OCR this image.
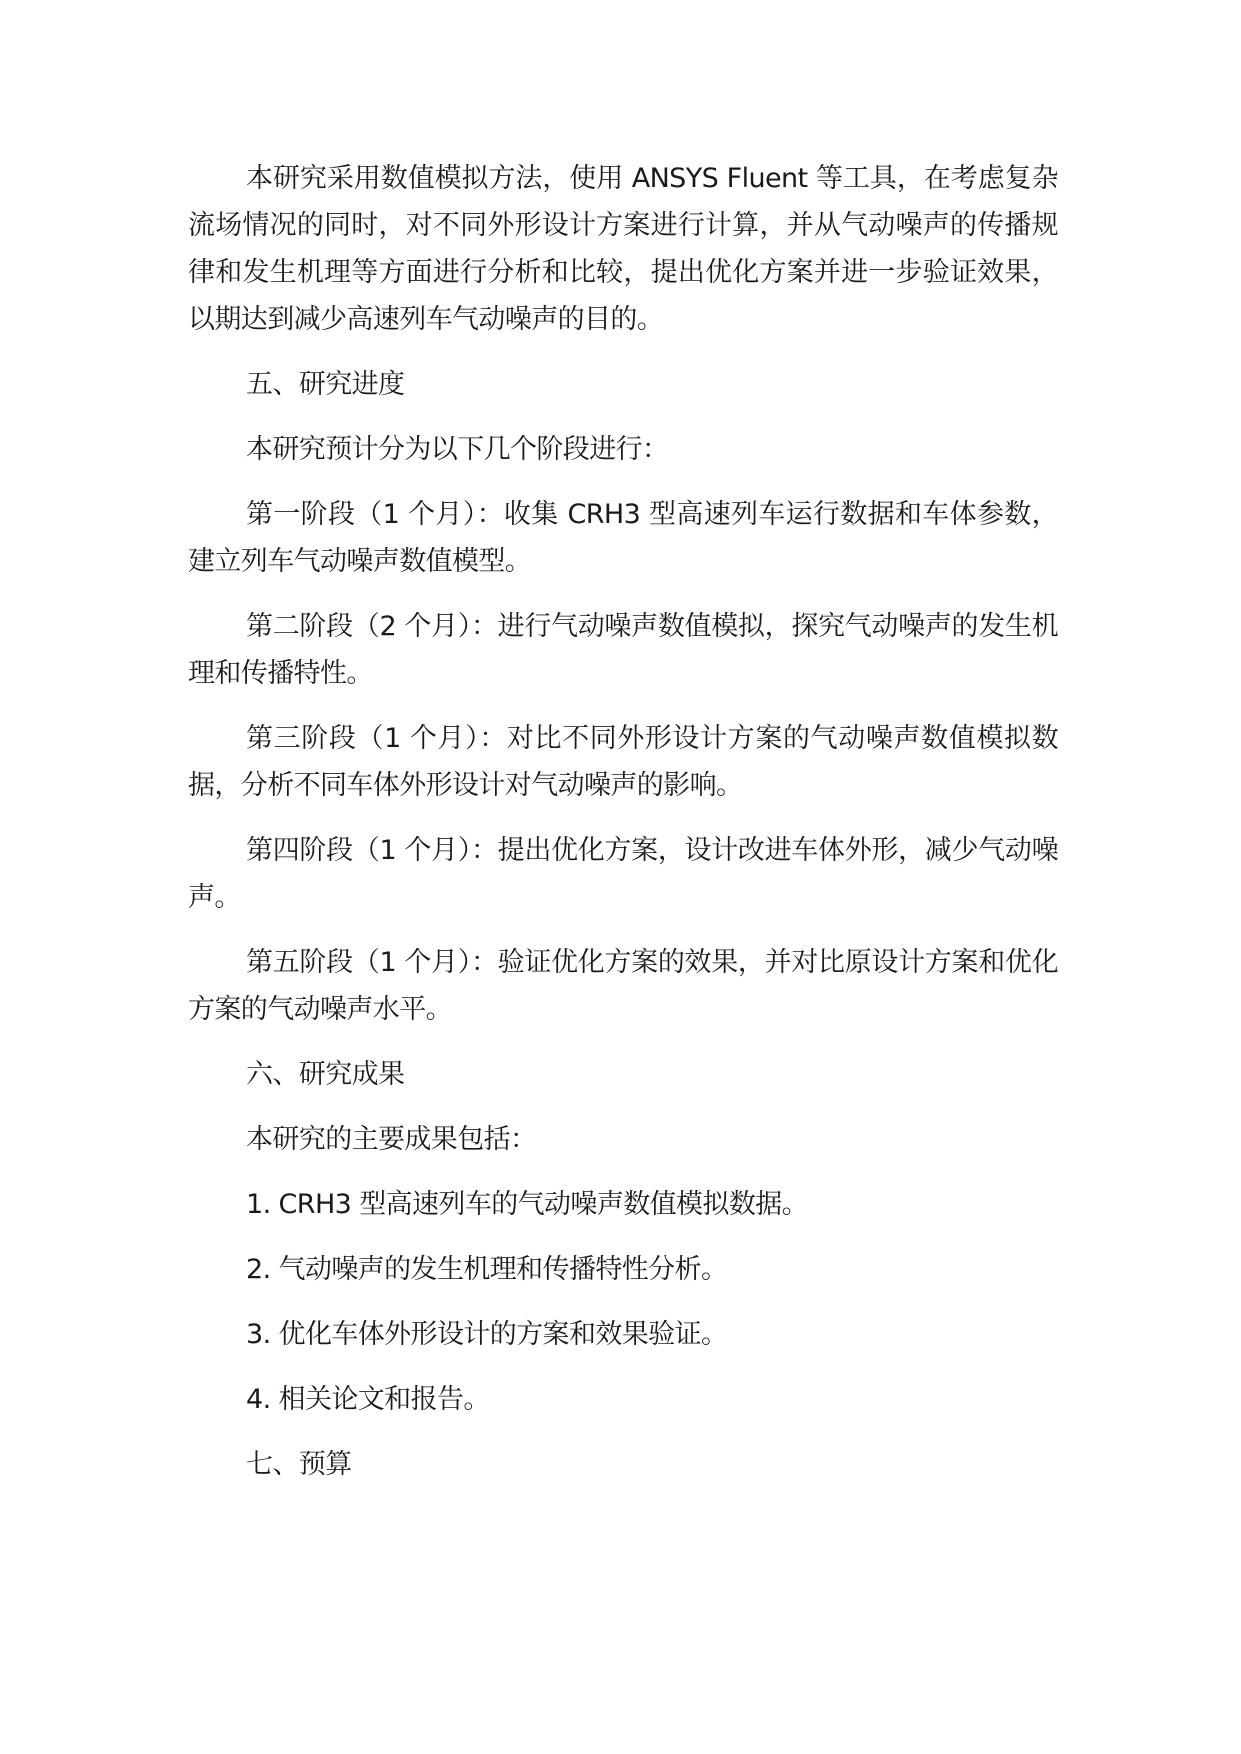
本研究采用数值模拟方法，使用 ANSYS Fluent 等工具，在考虑复杂流场情况的同时，对不同外形设计方案进行计算，并从气动噪声的传播规律和发生机理等方面进行分析和比较，提出优化方案并进一步验证效果，以期达到减少高速列车气动噪声的目的。

五、研究进度

本研究预计分为以下几个阶段进行：

第一阶段（1 个月）：收集 CRH3 型高速列车运行数据和车体参数，建立列车气动噪声数值模型。

第二阶段（2 个月）：进行气动噪声数值模拟，探究气动噪声的发生机理和传播特性。

第三阶段（1 个月）：对比不同外形设计方案的气动噪声数值模拟数据，分析不同车体外形设计对气动噪声的影响。

第四阶段（1 个月）：提出优化方案，设计改进车体外形，减少气动噪声。

第五阶段（1 个月）：验证优化方案的效果，并对比原设计方案和优化方案的气动噪声水平。

六、研究成果

本研究的主要成果包括：

1. CRH3 型高速列车的气动噪声数值模拟数据。

2. 气动噪声的发生机理和传播特性分析。

3. 优化车体外形设计的方案和效果验证。

4. 相关论文和报告。

七、预算
